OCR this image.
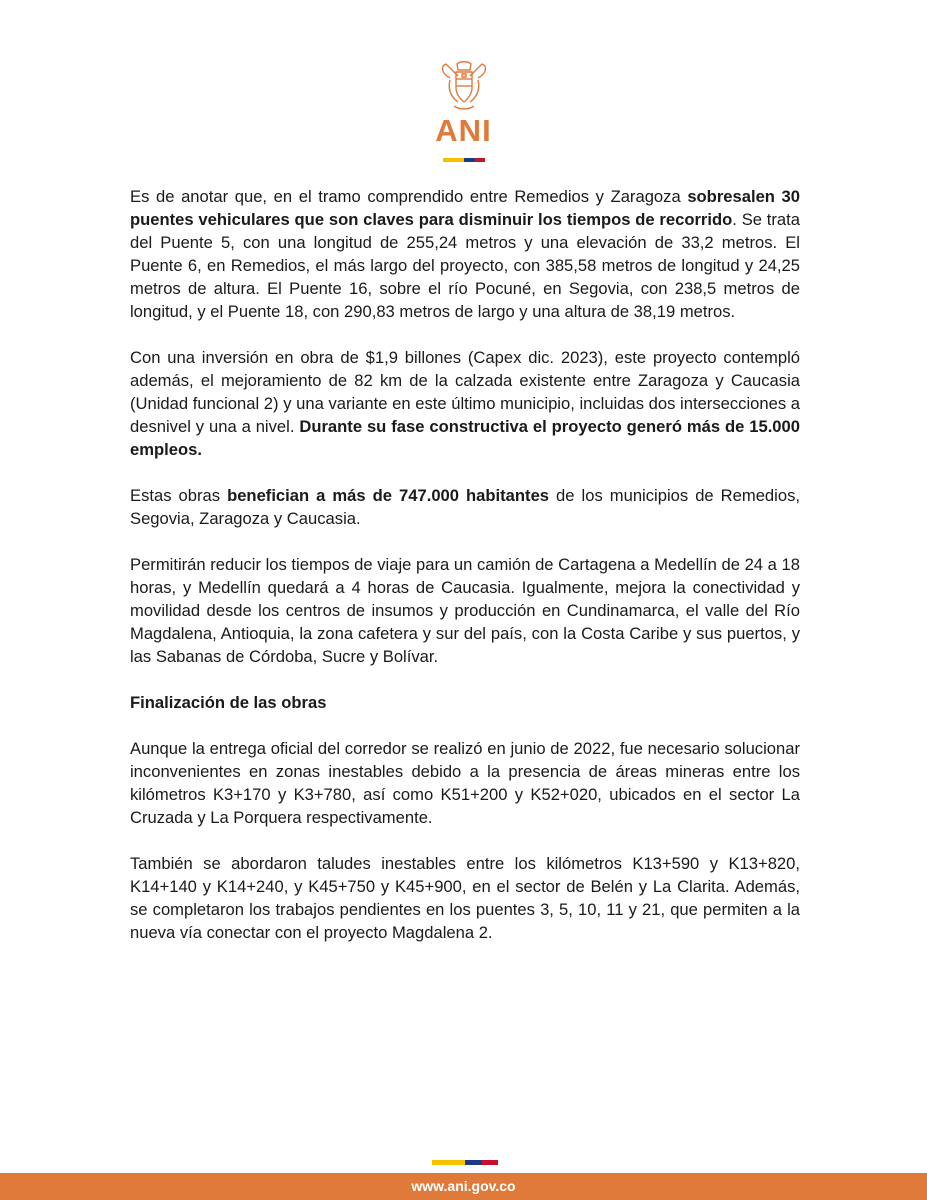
ANI

Es de anotar que, en el tramo comprendido entre Remedios y Zaragoza sobresalen 30 puentes vehiculares que son claves para disminuir los tiempos de recorrido. Se trata del Puente 5, con una longitud de 255,24 metros y una elevación de 33,2 metros. El Puente 6, en Remedios, el más largo del proyecto, con 385,58 metros de longitud y 24,25 metros de altura. El Puente 16, sobre el río Pocuné, en Segovia, con 238,5 metros de longitud, y el Puente 18, con 290,83 metros de largo y una altura de 38,19 metros.

Con una inversión en obra de $1,9 billones (Capex dic. 2023), este proyecto contempló además, el mejoramiento de 82 km de la calzada existente entre Zaragoza y Caucasia (Unidad funcional 2) y una variante en este último municipio, incluidas dos intersecciones a desnivel y una a nivel. Durante su fase constructiva el proyecto generó más de 15.000 empleos.

Estas obras benefician a más de 747.000 habitantes de los municipios de Remedios, Segovia, Zaragoza y Caucasia.

Permitirán reducir los tiempos de viaje para un camión de Cartagena a Medellín de 24 a 18 horas, y Medellín quedará a 4 horas de Caucasia. Igualmente, mejora la conectividad y movilidad desde los centros de insumos y producción en Cundinamarca, el valle del Río Magdalena, Antioquia, la zona cafetera y sur del país, con la Costa Caribe y sus puertos, y las Sabanas de Córdoba, Sucre y Bolívar.

Finalización de las obras

Aunque la entrega oficial del corredor se realizó en junio de 2022, fue necesario solucionar inconvenientes en zonas inestables debido a la presencia de áreas mineras entre los kilómetros K3+170 y K3+780, así como K51+200 y K52+020, ubicados en el sector La Cruzada y La Porquera respectivamente.

También se abordaron taludes inestables entre los kilómetros K13+590 y K13+820, K14+140 y K14+240, y K45+750 y K45+900, en el sector de Belén y La Clarita. Además, se completaron los trabajos pendientes en los puentes 3, 5, 10, 11 y 21, que permiten a la nueva vía conectar con el proyecto Magdalena 2.

www.ani.gov.co
